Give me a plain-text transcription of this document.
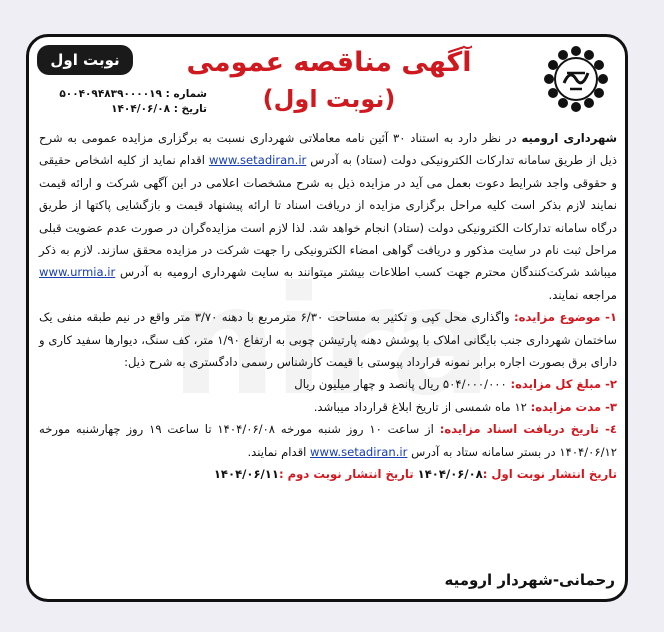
نوبت اول	آگهی مناقصه عمومی
(نوبت اول)
شماره : ۵۰۰۴۰۹۴۸۳۹۰۰۰۰۱۹
تاریخ : ۱۴۰۴/۰۶/۰۸

شهرداری ارومیه در نظر دارد به استناد ۳۰ آئین نامه معاملاتی شهرداری نسبت به برگزاری مزایده عمومی به شرح ذیل از طریق سامانه تدارکات الکترونیکی دولت (ستاد) به آدرس www.setadiran.ir اقدام نماید از کلیه اشخاص حقیقی و حقوقی واجد شرایط دعوت بعمل می آید در مزایده ذیل به شرح مشخصات اعلامی در این آگهی شرکت و ارائه قیمت نمایند لازم بذکر است کلیه مراحل برگزاری مزایده از دریافت اسناد تا ارائه پیشنهاد قیمت و بازگشایی پاکتها از طریق درگاه سامانه تدارکات الکترونیکی دولت (ستاد) انجام خواهد شد. لذا لازم است مزایده‌گران در صورت عدم عضویت قبلی مراحل ثبت نام در سایت مذکور و دریافت گواهی امضاء الکترونیکی را جهت شرکت در مزایده محقق سازند. لازم به ذکر میباشد شرکت‌کنندگان محترم جهت کسب اطلاعات بیشتر میتوانند به سایت شهرداری ارومیه به آدرس www.urmia.ir مراجعه نمایند.

۱- موضوع مزایده: واگذاری محل کپی و تکثیر به مساحت ۶/۳۰ مترمربع با دهنه ۳/۷۰ متر واقع در نیم طبقه منفی یک ساختمان شهرداری جنب بایگانی املاک با پوشش دهنه پارتیشن چوبی به ارتفاع ۱/۹۰ متر، کف سنگ، دیوارها سفید کاری و دارای برق بصورت اجاره برابر نمونه قرارداد پیوستی با قیمت کارشناس رسمی دادگستری به شرح ذیل:

۲- مبلغ کل مزایده: ۵۰۴/۰۰۰/۰۰۰ ریال پانصد و چهار میلیون ریال

۳- مدت مزایده: ۱۲ ماه شمسی از تاریخ ابلاغ قرارداد میباشد.

٤- تاریخ دریافت اسناد مزایده: از ساعت ۱۰ روز شنبه مورخه ۱۴۰۴/۰۶/۰۸ تا ساعت ۱۹ روز چهارشنبه مورخه ۱۴۰۴/۰۶/۱۲ در بستر سامانه ستاد به آدرس www.setadiran.ir اقدام نمایند.

تاریخ انتشار نوبت اول :۱۴۰۴/۰۶/۰۸ تاریخ انتشار نوبت دوم :۱۴۰۴/۰۶/۱۱

رحمانی-شهردار ارومیه
